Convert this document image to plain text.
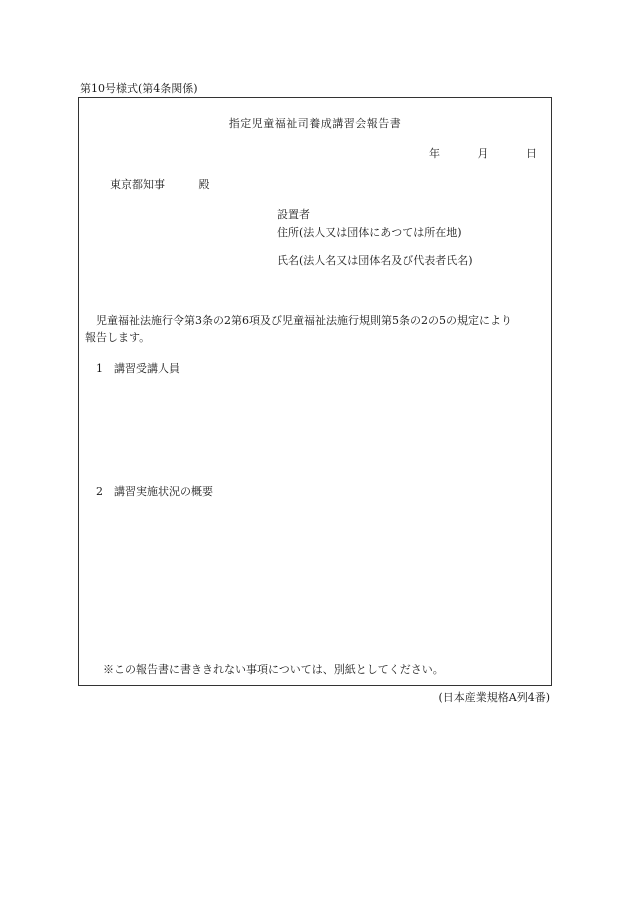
第10号様式(第4条関係)
指定児童福祉司養成講習会報告書
年	月	日
東京都知事	殿
設置者
住所(法人又は団体にあつては所在地)
氏名(法人名又は団体名及び代表者氏名)
児童福祉法施行令第3条の2第6項及び児童福祉法施行規則第5条の2の5の規定により
報告します。
1 講習受講人員
2 講習実施状況の概要
※この報告書に書ききれない事項については、別紙としてください。
(日本産業規格A列4番)
